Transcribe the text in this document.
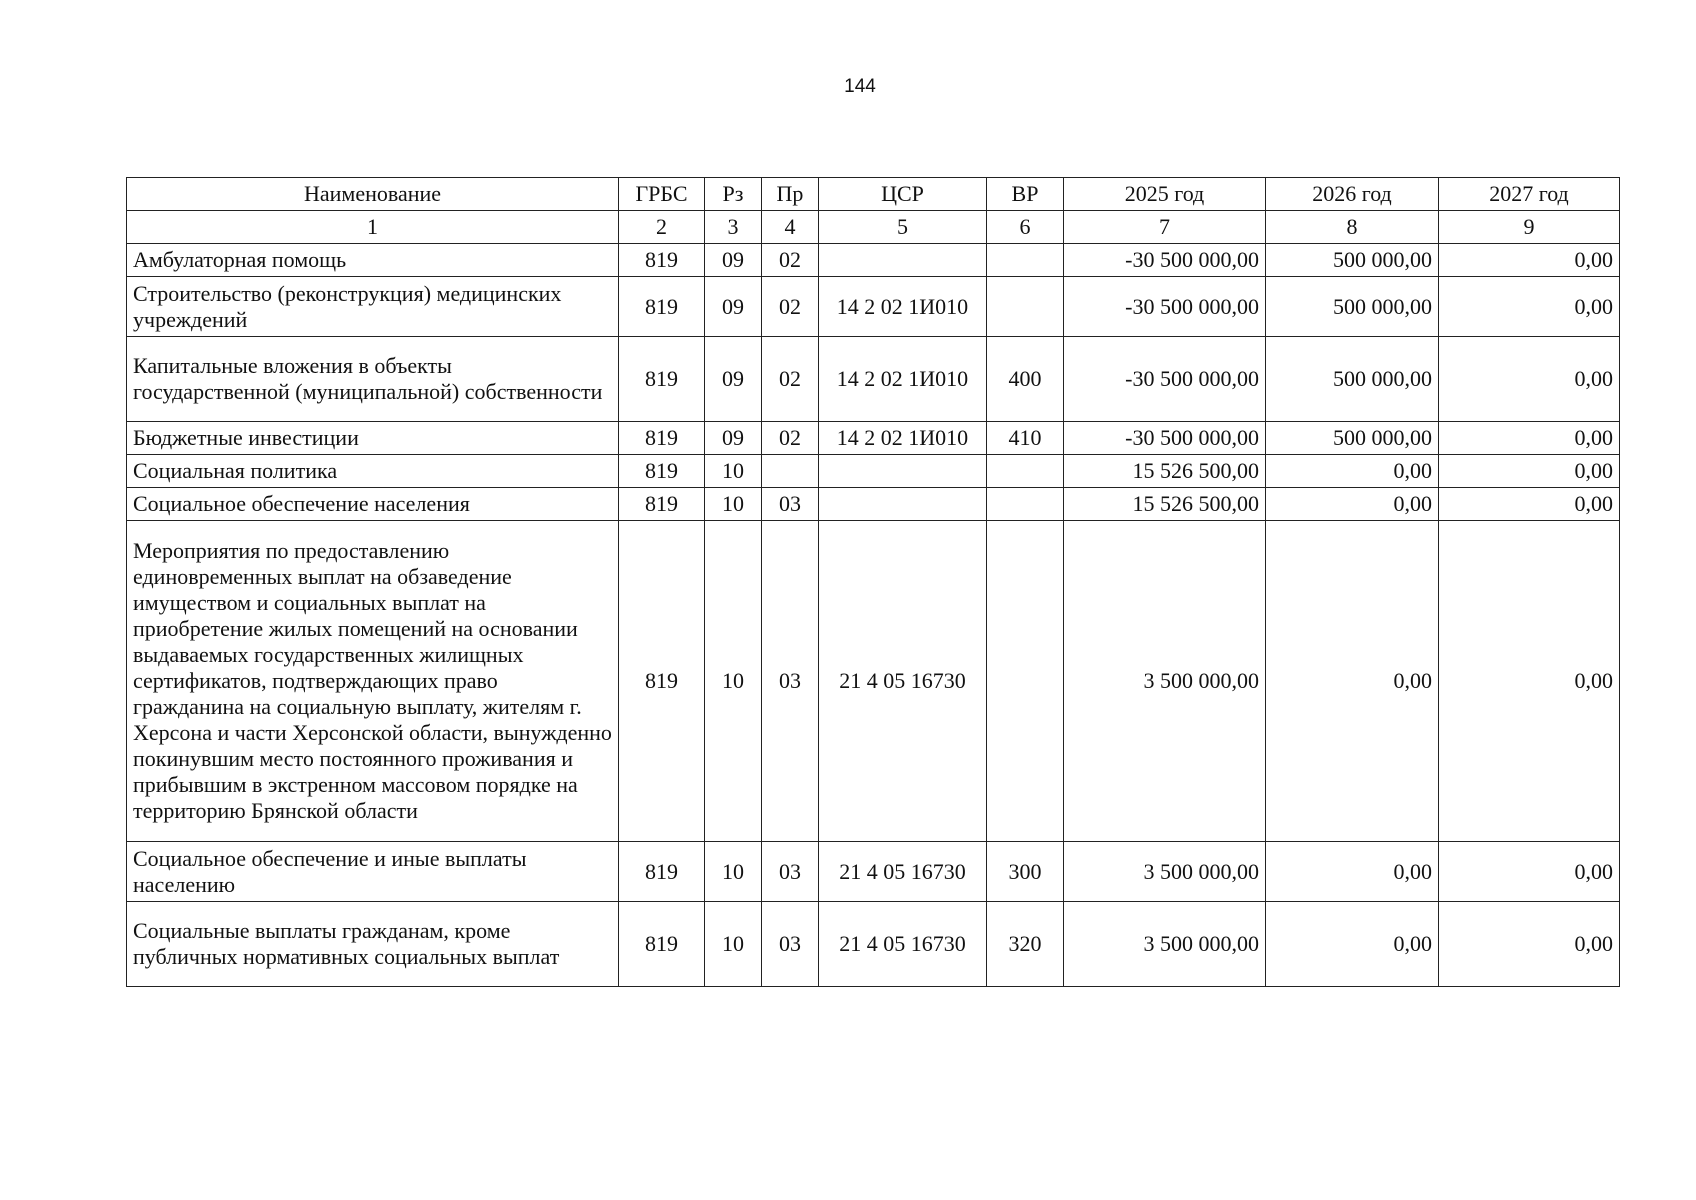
144
Наименование	ГРБС	Рз	Пр	ЦСР	ВР	2025 год	2026 год	2027 год
1	2	3	4	5	6	7	8	9
Амбулаторная помощь	819	09	02			-30 500 000,00	500 000,00	0,00
Строительство (реконструкция) медицинских учреждений	819	09	02	14 2 02 1И010		-30 500 000,00	500 000,00	0,00
Капитальные вложения в объекты государственной (муниципальной) собственности	819	09	02	14 2 02 1И010	400	-30 500 000,00	500 000,00	0,00
Бюджетные инвестиции	819	09	02	14 2 02 1И010	410	-30 500 000,00	500 000,00	0,00
Социальная политика	819	10				15 526 500,00	0,00	0,00
Социальное обеспечение населения	819	10	03			15 526 500,00	0,00	0,00
Мероприятия по предоставлению единовременных выплат на обзаведение имуществом и социальных выплат на приобретение жилых помещений на основании выдаваемых государственных жилищных сертификатов, подтверждающих право гражданина на социальную выплату, жителям г. Херсона и части Херсонской области, вынужденно покинувшим место постоянного проживания и прибывшим в экстренном массовом порядке на территорию Брянской области	819	10	03	21 4 05 16730		3 500 000,00	0,00	0,00
Социальное обеспечение и иные выплаты населению	819	10	03	21 4 05 16730	300	3 500 000,00	0,00	0,00
Социальные выплаты гражданам, кроме публичных нормативных социальных выплат	819	10	03	21 4 05 16730	320	3 500 000,00	0,00	0,00
